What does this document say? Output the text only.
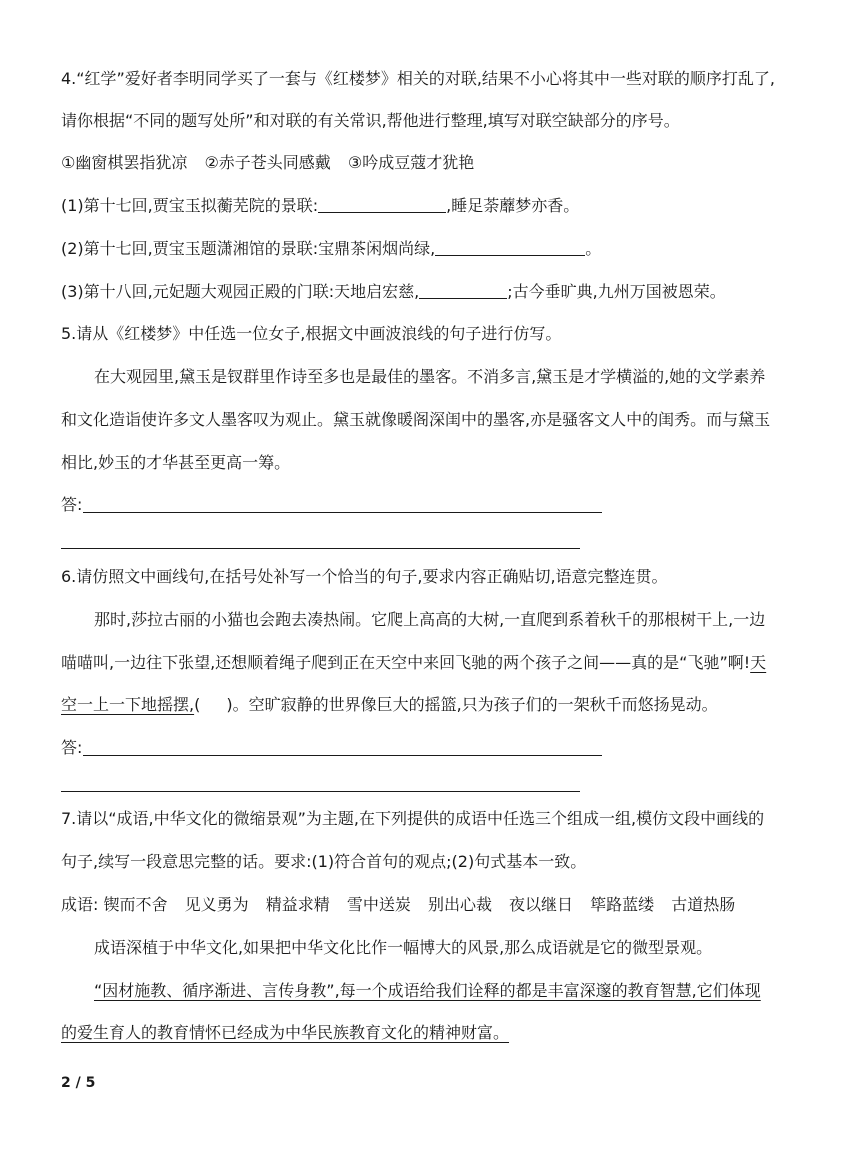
4.“红学”爱好者李明同学买了一套与《红楼梦》相关的对联,结果不小心将其中一些对联的顺序打乱了,
请你根据“不同的题写处所”和对联的有关常识,帮他进行整理,填写对联空缺部分的序号。
①幽窗棋罢指犹凉 ②赤子苍头同感戴 ③吟成豆蔻才犹艳
(1)第十七回,贾宝玉拟蘅芜院的景联:	,睡足荼蘼梦亦香。
(2)第十七回,贾宝玉题潇湘馆的景联:宝鼎茶闲烟尚绿,	。
(3)第十八回,元妃题大观园正殿的门联:天地启宏慈,	;古今垂旷典,九州万国被恩荣。
5.请从《红楼梦》中任选一位女子,根据文中画波浪线的句子进行仿写。
在大观园里,黛玉是钗群里作诗至多也是最佳的墨客。不消多言,黛玉是才学横溢的,她的文学素养
和文化造诣使许多文人墨客叹为观止。黛玉就像暖阁深闺中的墨客,亦是骚客文人中的闺秀。而与黛玉
相比,妙玉的才华甚至更高一筹。
答:
6.请仿照文中画线句,在括号处补写一个恰当的句子,要求内容正确贴切,语意完整连贯。
那时,莎拉古丽的小猫也会跑去凑热闹。它爬上高高的大树,一直爬到系着秋千的那根树干上,一边
喵喵叫,一边往下张望,还想顺着绳子爬到正在天空中来回飞驰的两个孩子之间——真的是“飞驰”啊!天
空一上一下地摇摆,( )。空旷寂静的世界像巨大的摇篮,只为孩子们的一架秋千而悠扬晃动。
答:
7.请以“成语,中华文化的微缩景观”为主题,在下列提供的成语中任选三个组成一组,模仿文段中画线的
句子,续写一段意思完整的话。要求:(1)符合首句的观点;(2)句式基本一致。
成语: 锲而不舍 见义勇为 精益求精 雪中送炭 别出心裁 夜以继日 筚路蓝缕 古道热肠
成语深植于中华文化,如果把中华文化比作一幅博大的风景,那么成语就是它的微型景观。
“因材施教、循序渐进、言传身教”,每一个成语给我们诠释的都是丰富深邃的教育智慧,它们体现
的爱生育人的教育情怀已经成为中华民族教育文化的精神财富。
2 / 5
